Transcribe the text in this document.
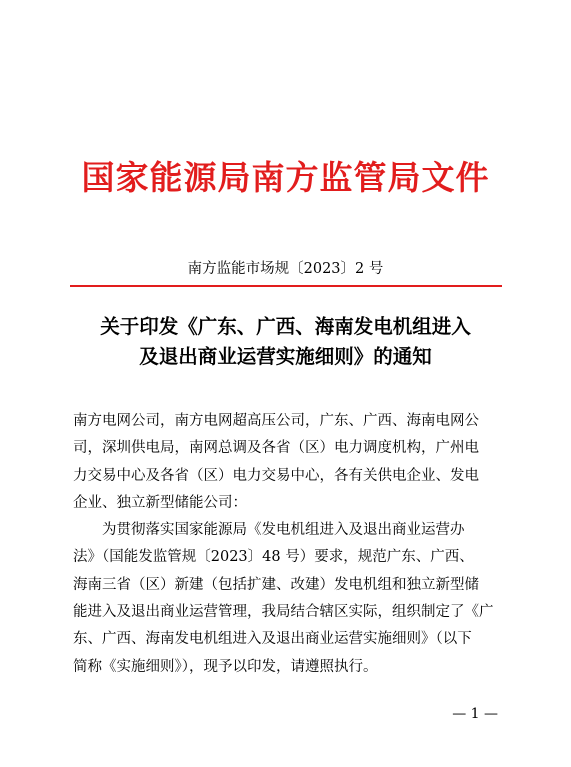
国家能源局南方监管局文件
南方监能市场规〔2023〕2 号
关于印发《广东、广西、海南发电机组进入
及退出商业运营实施细则》的通知

南方电网公司，南方电网超高压公司，广东、广西、海南电网公

司，深圳供电局，南网总调及各省（区）电力调度机构，广州电

力交易中心及各省（区）电力交易中心，各有关供电企业、发电

企业、独立新型储能公司：

为贯彻落实国家能源局《发电机组进入及退出商业运营办

法》（国能发监管规〔2023〕48 号）要求，规范广东、广西、

海南三省（区）新建（包括扩建、改建）发电机组和独立新型储

能进入及退出商业运营管理，我局结合辖区实际，组织制定了《广

东、广西、海南发电机组进入及退出商业运营实施细则》（以下

简称《实施细则》），现予以印发，请遵照执行。

— 1 —
